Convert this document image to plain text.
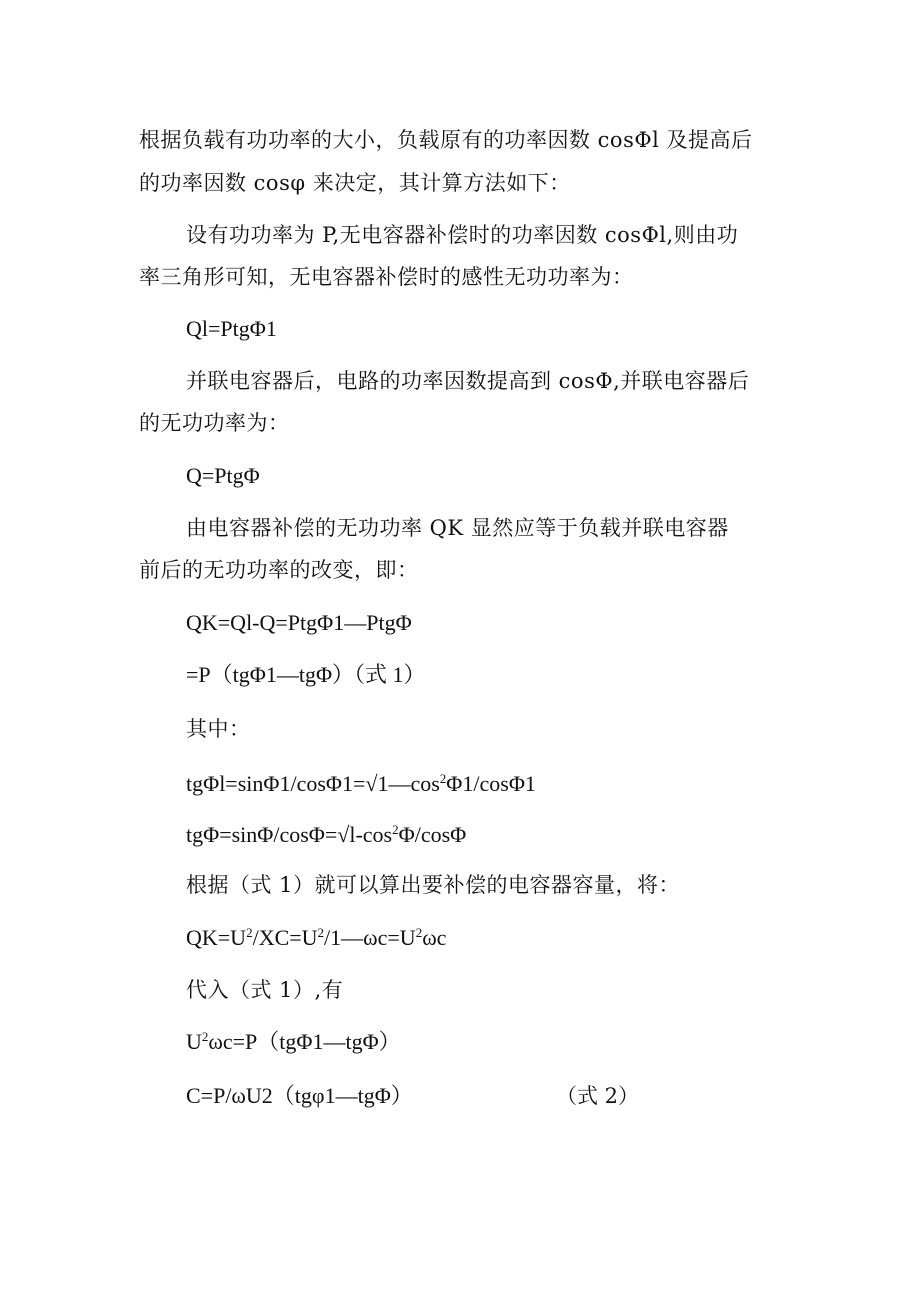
根据负载有功功率的大小，负载原有的功率因数 cosΦl 及提高后
的功率因数 cosφ 来决定，其计算方法如下：
设有功功率为 P,无电容器补偿时的功率因数 cosΦl,则由功
率三角形可知，无电容器补偿时的感性无功功率为：
Ql=PtgΦ1
并联电容器后，电路的功率因数提高到 cosΦ,并联电容器后
的无功功率为：
Q=PtgΦ
由电容器补偿的无功功率 QK 显然应等于负载并联电容器
前后的无功功率的改变，即：
QK=Ql-Q=PtgΦ1—PtgΦ
=P（tgΦ1—tgΦ）（式 1）
其中：
$tg\Phi l=\sin\Phi 1/\cos\Phi 1=√1—\cos^2\Phi 1/\cos\Phi 1$
$tg\Phi=\sin\Phi/\cos\Phi=√l-\cos^2\Phi$/cosΦ
根据（式 1）就可以算出要补偿的电容器容量，将：
$QK=U^2/XC=U^2/1—\omega c=U^2\omega c$
代入（式 1）,有
$U^2\omega c=P(tg\Phi 1—tg\Phi)$
C=P/ωU2（tgφ1—tgΦ）	（式 2）
